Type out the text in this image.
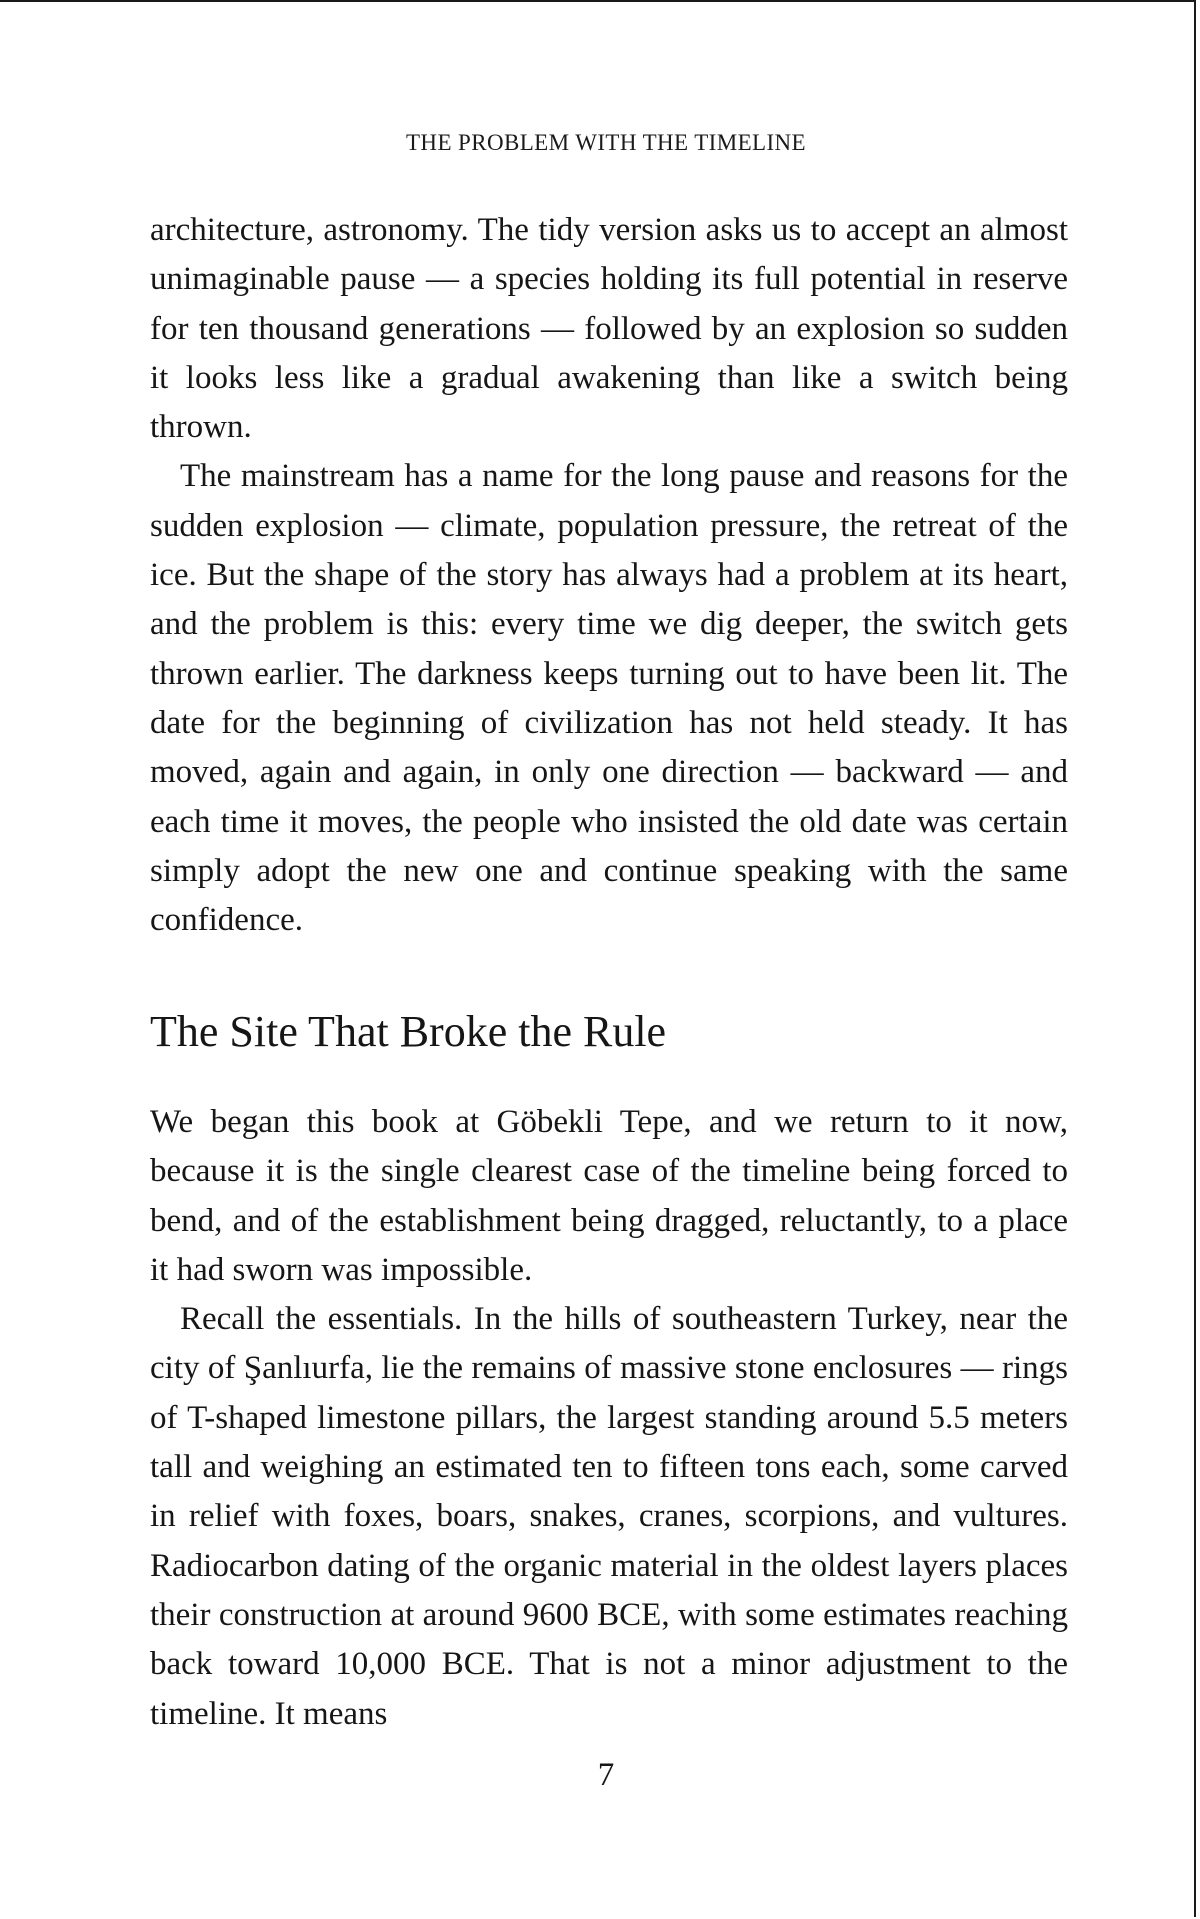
THE PROBLEM WITH THE TIMELINE

architecture, astronomy. The tidy version asks us to accept an almost unimaginable pause — a species holding its full potential in reserve for ten thousand generations — followed by an explosion so sudden it looks less like a gradual awakening than like a switch being thrown.

The mainstream has a name for the long pause and reasons for the sudden explosion — climate, population pressure, the retreat of the ice. But the shape of the story has always had a problem at its heart, and the problem is this: every time we dig deeper, the switch gets thrown earlier. The darkness keeps turning out to have been lit. The date for the beginning of civilization has not held steady. It has moved, again and again, in only one direction — backward — and each time it moves, the people who insisted the old date was certain simply adopt the new one and continue speaking with the same confidence.

The Site That Broke the Rule

We began this book at Göbekli Tepe, and we return to it now, because it is the single clearest case of the timeline being forced to bend, and of the establishment being dragged, reluctantly, to a place it had sworn was impossible.

Recall the essentials. In the hills of southeastern Turkey, near the city of Şanlıurfa, lie the remains of massive stone enclosures — rings of T-shaped limestone pillars, the largest standing around 5.5 meters tall and weighing an estimated ten to fifteen tons each, some carved in relief with foxes, boars, snakes, cranes, scorpions, and vultures. Radiocarbon dating of the organic material in the oldest layers places their construction at around 9600 BCE, with some estimates reaching back toward 10,000 BCE. That is not a minor adjustment to the timeline. It means

7
